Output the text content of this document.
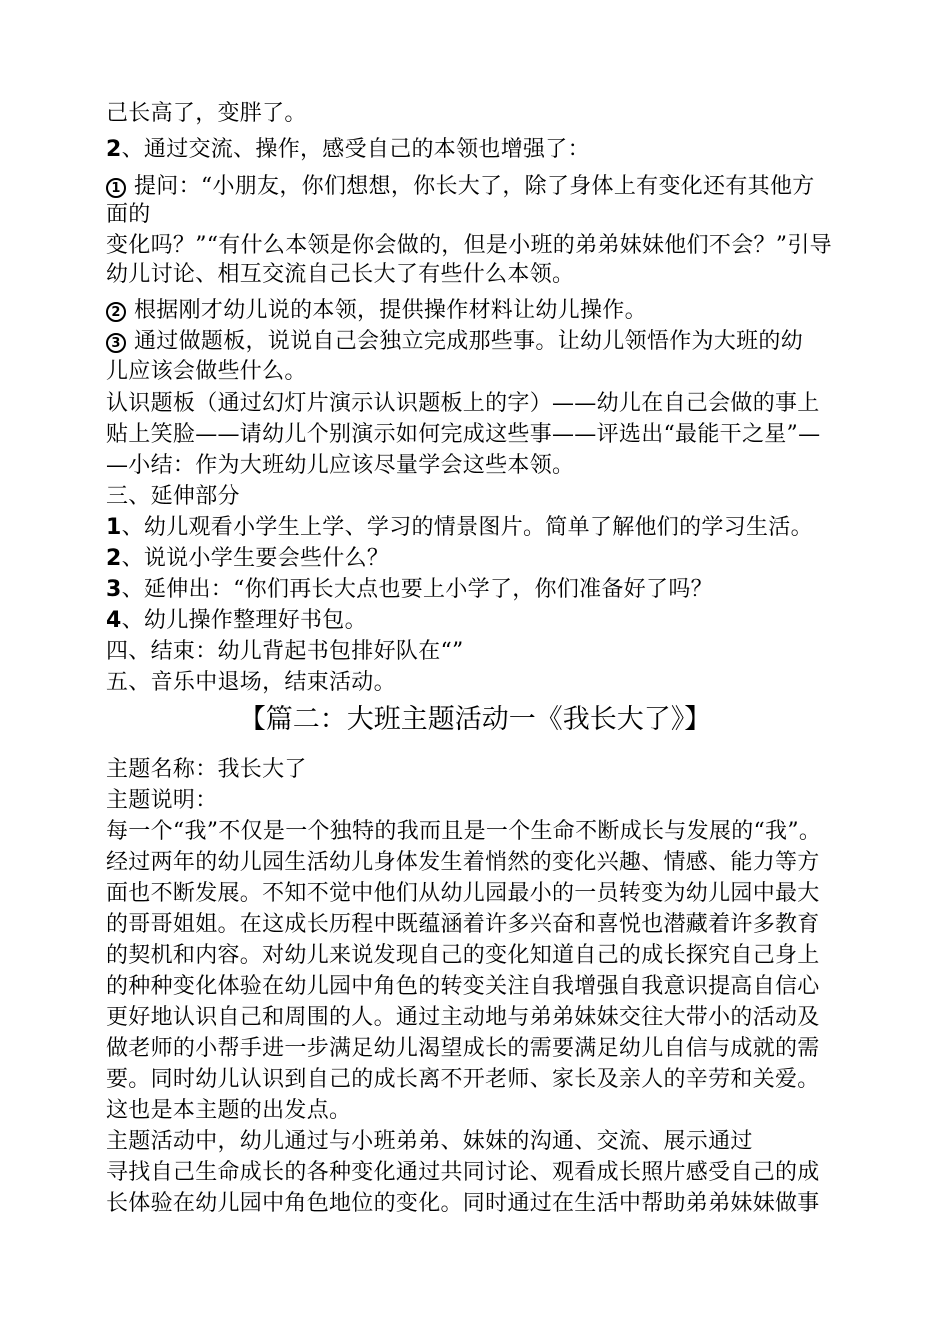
己长高了，变胖了。

2、通过交流、操作，感受自己的本领也增强了：

1 提问：“小朋友，你们想想，你长大了，除了身体上有变化还有其他方

面的

变化吗？”“有什么本领是你会做的，但是小班的弟弟妹妹他们不会？”引导

幼儿讨论、相互交流自己长大了有些什么本领。

2 根据刚才幼儿说的本领，提供操作材料让幼儿操作。

3 通过做题板，说说自己会独立完成那些事。让幼儿领悟作为大班的幼

儿应该会做些什么。

认识题板（通过幻灯片演示认识题板上的字）——幼儿在自己会做的事上

贴上笑脸——请幼儿个别演示如何完成这些事——评选出“最能干之星”—

—小结：作为大班幼儿应该尽量学会这些本领。

三、延伸部分

1、幼儿观看小学生上学、学习的情景图片。简单了解他们的学习生活。

2、说说小学生要会些什么？

3、延伸出：“你们再长大点也要上小学了，你们准备好了吗？

4、幼儿操作整理好书包。

四、结束：幼儿背起书包排好队在“”

五、音乐中退场，结束活动。

【篇二：大班主题活动一《我长大了》】

主题名称：我长大了

主题说明：

每一个“我”不仅是一个独特的我而且是一个生命不断成长与发展的“我”。

经过两年的幼儿园生活幼儿身体发生着悄然的变化兴趣、情感、能力等方

面也不断发展。不知不觉中他们从幼儿园最小的一员转变为幼儿园中最大

的哥哥姐姐。在这成长历程中既蕴涵着许多兴奋和喜悦也潜藏着许多教育

的契机和内容。对幼儿来说发现自己的变化知道自己的成长探究自己身上

的种种变化体验在幼儿园中角色的转变关注自我增强自我意识提高自信心

更好地认识自己和周围的人。通过主动地与弟弟妹妹交往大带小的活动及

做老师的小帮手进一步满足幼儿渴望成长的需要满足幼儿自信与成就的需

要。同时幼儿认识到自己的成长离不开老师、家长及亲人的辛劳和关爱。

这也是本主题的出发点。

主题活动中，幼儿通过与小班弟弟、妹妹的沟通、交流、展示通过

寻找自己生命成长的各种变化通过共同讨论、观看成长照片感受自己的成

长体验在幼儿园中角色地位的变化。同时通过在生活中帮助弟弟妹妹做事
